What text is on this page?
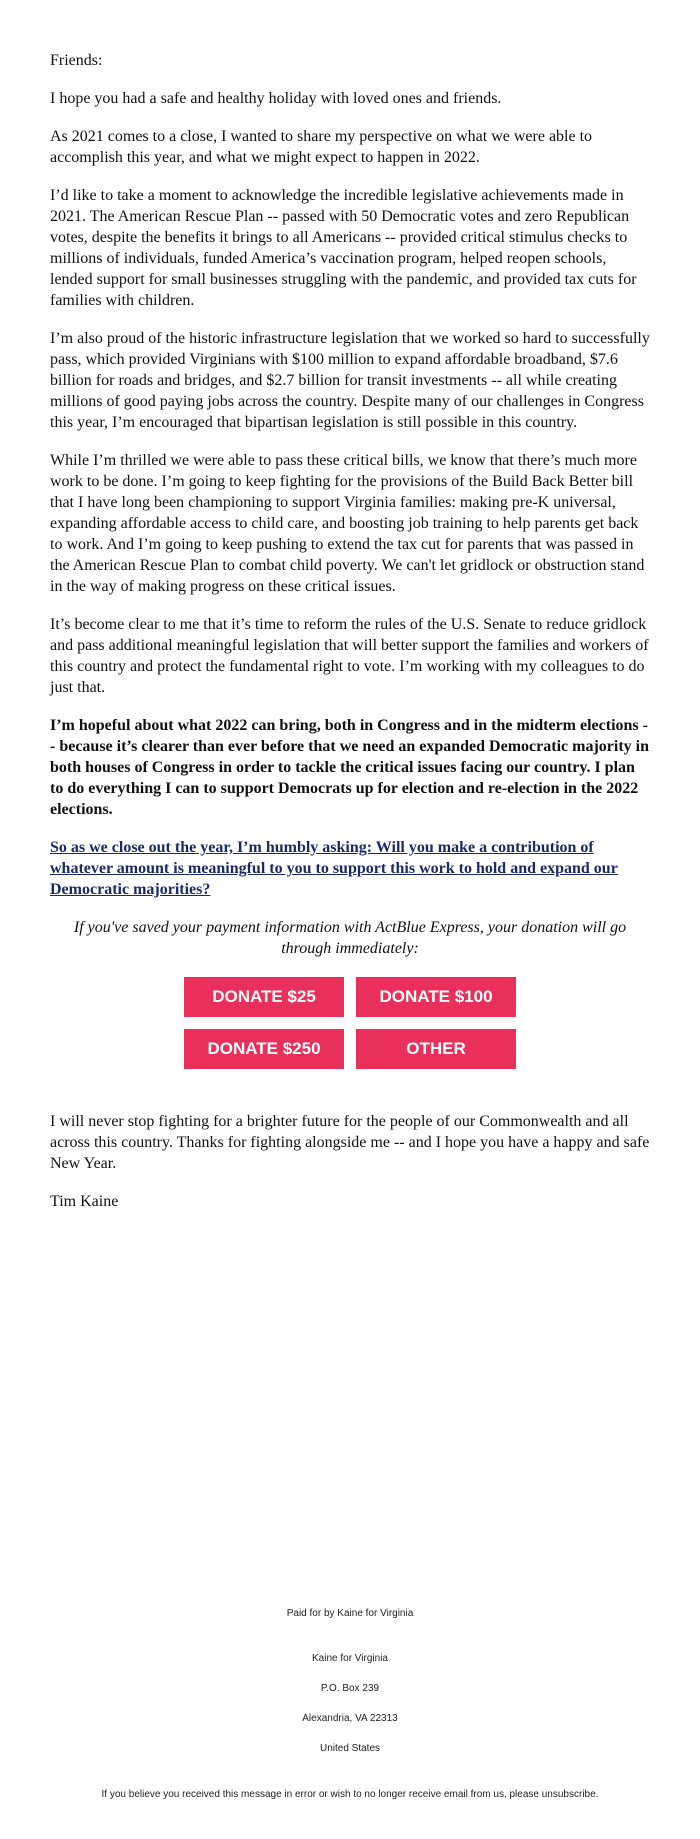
Friends:

I hope you had a safe and healthy holiday with loved ones and friends.

As 2021 comes to a close, I wanted to share my perspective on what we were able to accomplish this year, and what we might expect to happen in 2022.

I’d like to take a moment to acknowledge the incredible legislative achievements made in 2021. The American Rescue Plan -- passed with 50 Democratic votes and zero Republican votes, despite the benefits it brings to all Americans -- provided critical stimulus checks to millions of individuals, funded America’s vaccination program, helped reopen schools, lended support for small businesses struggling with the pandemic, and provided tax cuts for families with children.

I’m also proud of the historic infrastructure legislation that we worked so hard to successfully pass, which provided Virginians with $100 million to expand affordable broadband, $7.6 billion for roads and bridges, and $2.7 billion for transit investments -- all while creating millions of good paying jobs across the country. Despite many of our challenges in Congress this year, I’m encouraged that bipartisan legislation is still possible in this country.

While I’m thrilled we were able to pass these critical bills, we know that there’s much more work to be done. I’m going to keep fighting for the provisions of the Build Back Better bill that I have long been championing to support Virginia families: making pre-K universal, expanding affordable access to child care, and boosting job training to help parents get back to work. And I’m going to keep pushing to extend the tax cut for parents that was passed in the American Rescue Plan to combat child poverty. We can't let gridlock or obstruction stand in the way of making progress on these critical issues.

It’s become clear to me that it’s time to reform the rules of the U.S. Senate to reduce gridlock and pass additional meaningful legislation that will better support the families and workers of this country and protect the fundamental right to vote. I’m working with my colleagues to do just that.

I’m hopeful about what 2022 can bring, both in Congress and in the midterm elections -- because it’s clearer than ever before that we need an expanded Democratic majority in both houses of Congress in order to tackle the critical issues facing our country. I plan to do everything I can to support Democrats up for election and re-election in the 2022 elections.

So as we close out the year, I’m humbly asking: Will you make a contribution of whatever amount is meaningful to you to support this work to hold and expand our Democratic majorities?

If you've saved your payment information with ActBlue Express, your donation will go through immediately:

DONATE $25	DONATE $100
DONATE $250	OTHER

I will never stop fighting for a brighter future for the people of our Commonwealth and all across this country. Thanks for fighting alongside me -- and I hope you have a happy and safe New Year.

Tim Kaine

Paid for by Kaine for Virginia
Kaine for Virginia
P.O. Box 239
Alexandria, VA 22313
United States
If you believe you received this message in error or wish to no longer receive email from us, please unsubscribe.
